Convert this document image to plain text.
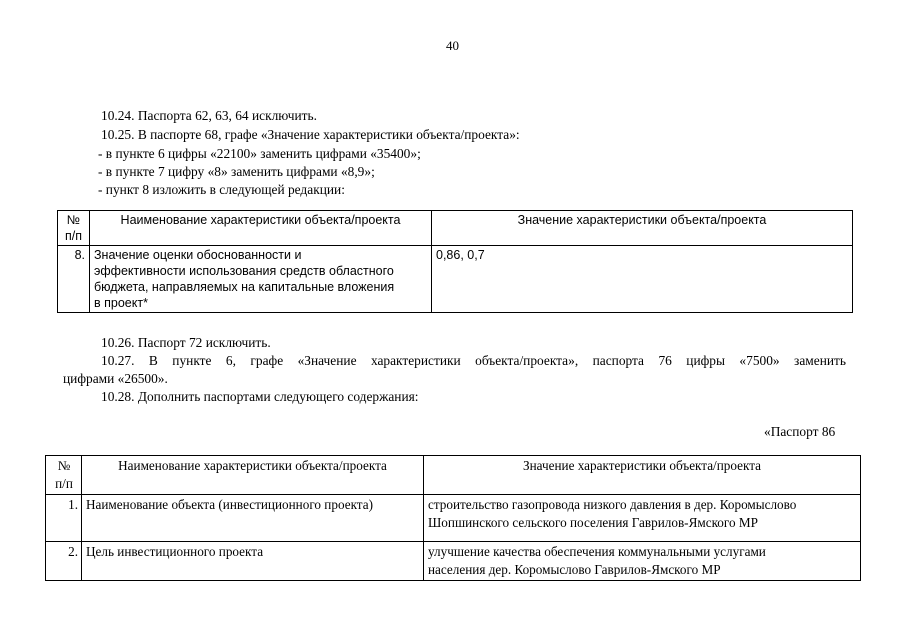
40
10.24. Паспорта 62, 63, 64 исключить.
10.25. В паспорте 68, графе «Значение характеристики объекта/проекта»:
- в пункте 6 цифры «22100» заменить цифрами «35400»;
- в пункте 7 цифру «8» заменить цифрами «8,9»;
- пункт 8 изложить в следующей редакции:
№
п/п	Наименование характеристики объекта/проекта	Значение характеристики объекта/проекта
8.	Значение оценки обоснованности и
эффективности использования средств областного
бюджета, направляемых на капитальные вложения
в проект*	0,86, 0,7
10.26. Паспорт 72 исключить.
10.27. В пункте 6, графе «Значение характеристики объекта/проекта», паспорта 76 цифры «7500» заменить
цифрами «26500».
10.28. Дополнить паспортами следующего содержания:
«Паспорт 86
№
п/п	Наименование характеристики объекта/проекта	Значение характеристики объекта/проекта
1.	Наименование объекта (инвестиционного проекта)	строительство газопровода низкого давления в дер. Коромыслово
Шопшинского сельского поселения Гаврилов-Ямского МР

2.	Цель инвестиционного проекта	улучшение качества обеспечения коммунальными услугами
населения дер. Коромыслово Гаврилов-Ямского МР
